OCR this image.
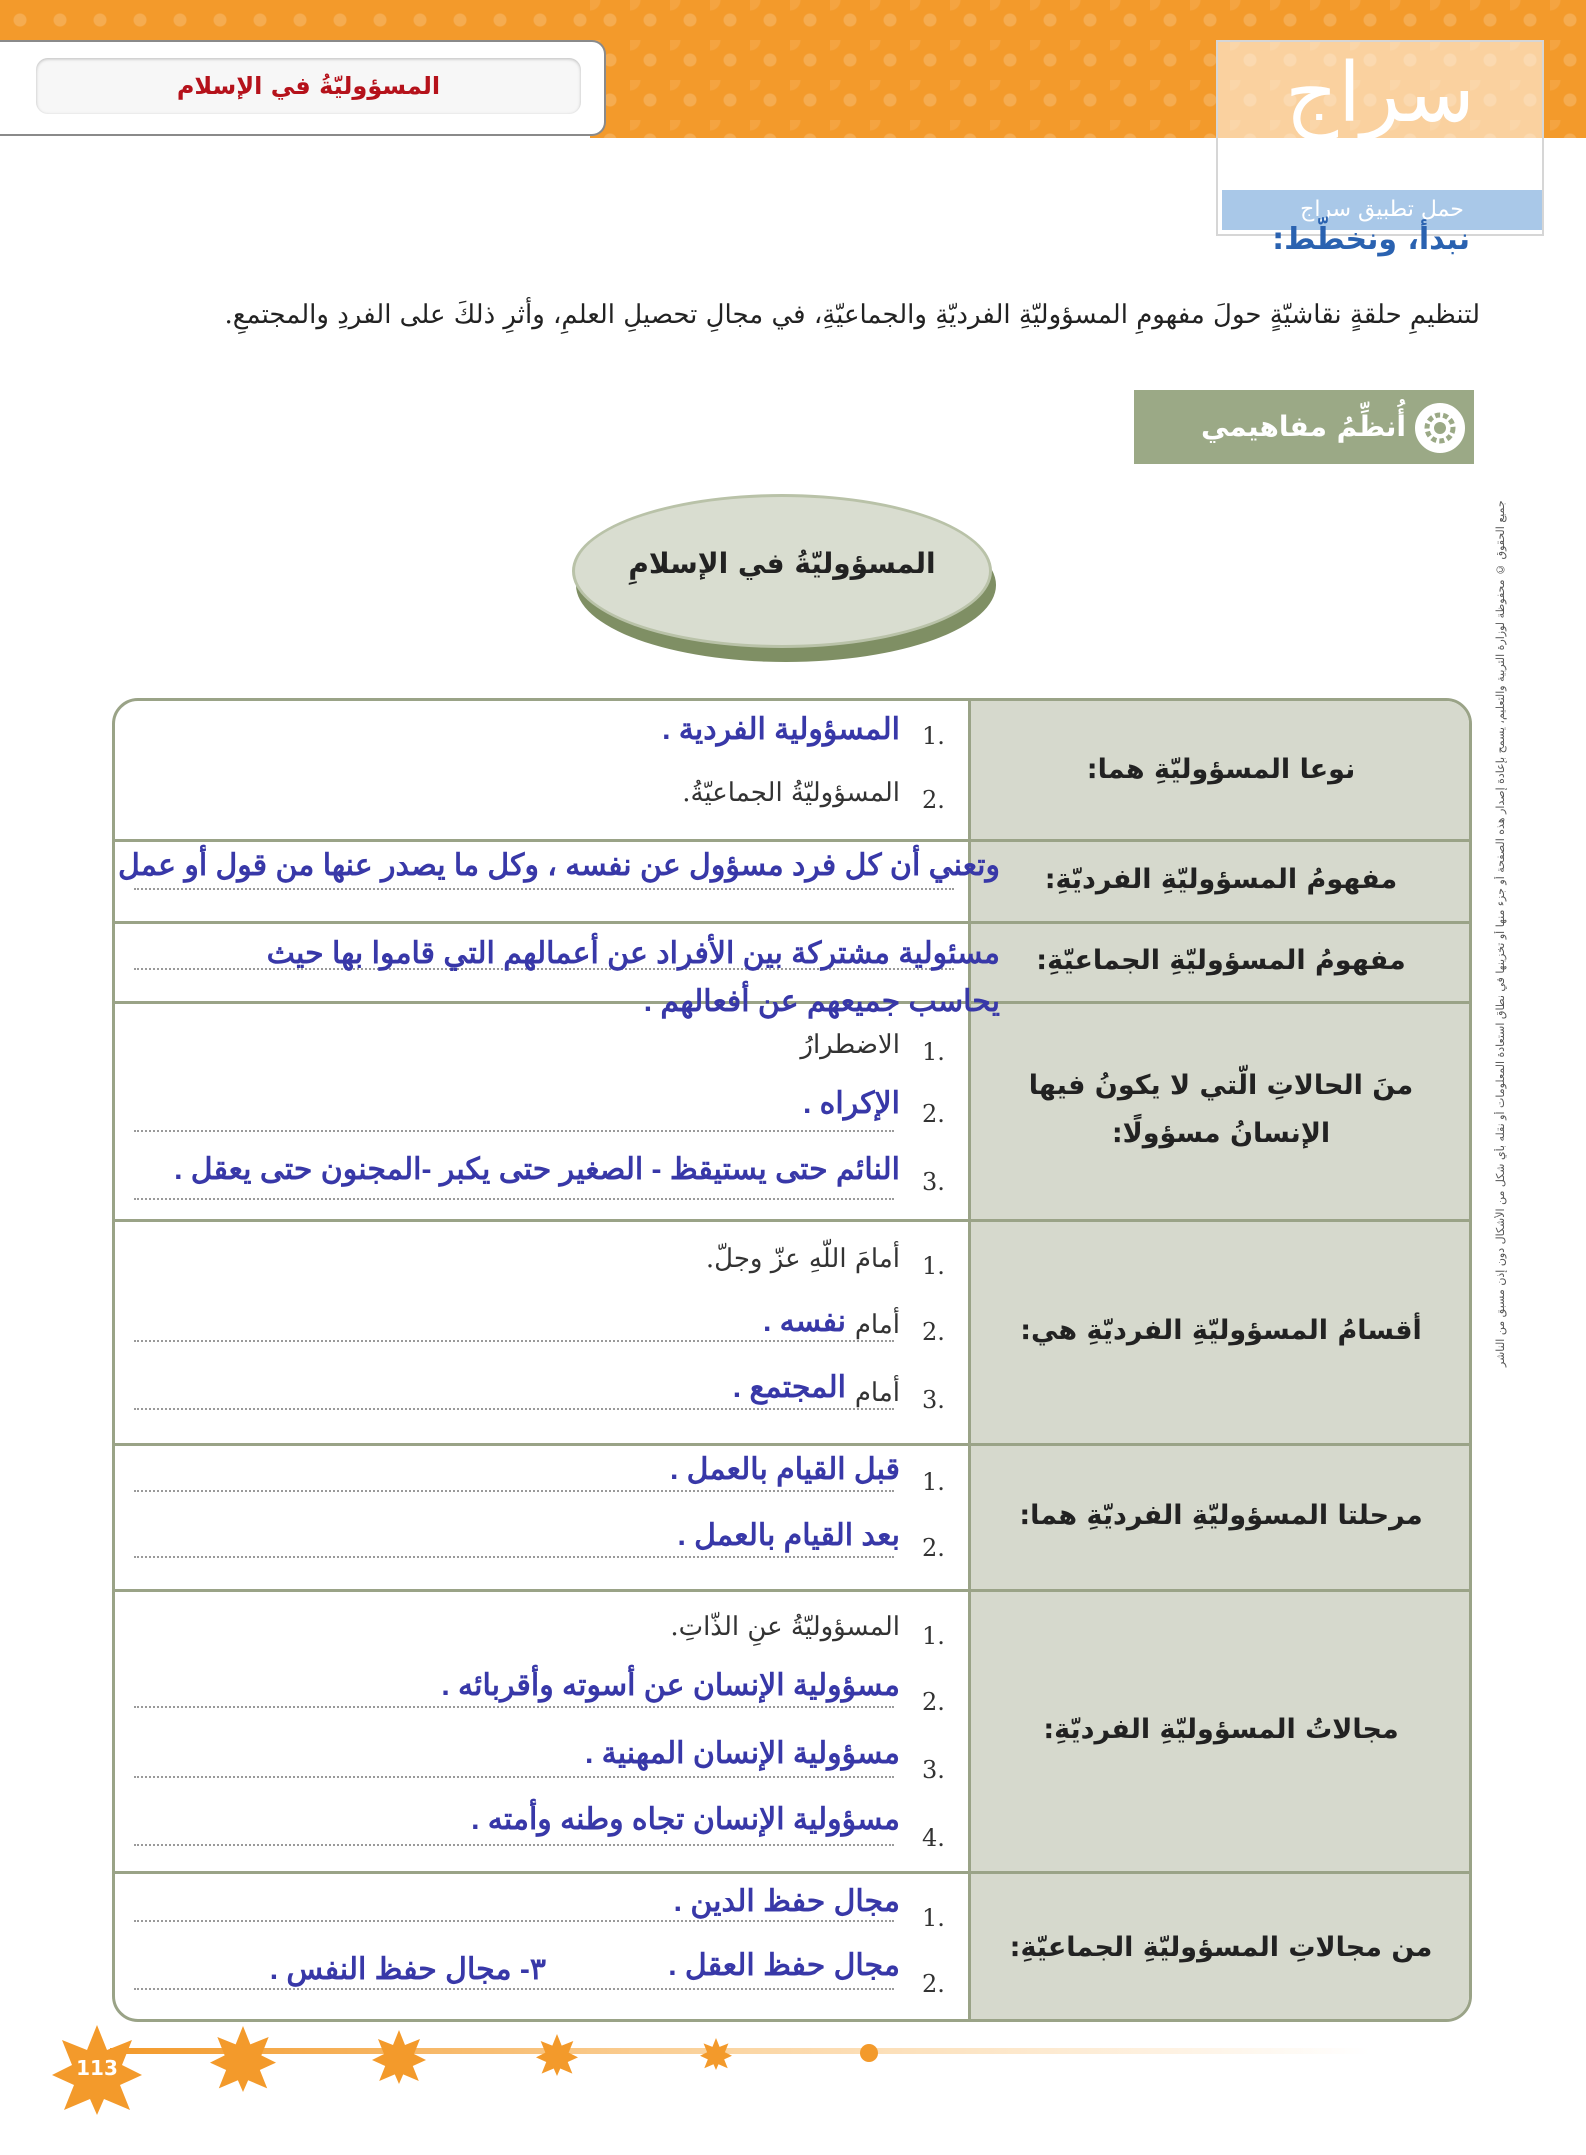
المسؤوليّةُ في الإسلام	سراج
حمل تطبيق سراج
نبدأ، ونخطّط:
لتنظيمِ حلقةٍ نقاشيّةٍ حولَ مفهومِ المسؤوليّةِ الفرديّةِ والجماعيّةِ، في مجالِ تحصيلِ العلمِ، وأثرِ ذلكَ على الفردِ والمجتمعِ.
أُنظِّمُ مفاهيمي
المسؤوليّةُ في الإسلامِ	جميع الحقوق © محفوظة لوزارة التربية والتعليم، يسمح بإعادة إصدار هذه الصفحة أو جزء منها أو تخزينها في نطاق استعادة المعلومات أو نقله بأي شكل من الأشكال دون إذن مسبق من الناشر
نوعا المسؤوليّةِ هما:
مفهومُ المسؤوليّةِ الفرديّةِ:
مفهومُ المسؤوليّةِ الجماعيّةِ:
منَ الحالاتِ الّتي لا يكونُ فيها الإنسانُ مسؤولًا:
أقسامُ المسؤوليّةِ الفرديّةِ هي:
مرحلتا المسؤوليّةِ الفرديّةِ هما:
مجالاتُ المسؤوليّةِ الفرديّةِ:
من مجالاتِ المسؤوليّةِ الجماعيّةِ:
1.
المسؤولية الفردية .
2.
المسؤوليّةُ الجماعيّةُ.
وتعني أن كل فرد مسؤول عن نفسه ، وكل ما يصدر عنها من قول أو عمل
مسئولية مشتركة بين الأفراد عن أعمالهم التي قاموا بها حيث يحاسب جميعهم عن أفعالهم .
1.
الاضطرارُ
2.
الإكراه .
3.
النائم حتى يستيقظ - الصغير حتى يكبر -المجنون حتى يعقل .
1.
أمامَ اللّهِ عزّ وجلّ.
2.
أمام
نفسه .
3.
أمام
المجتمع .
1.
قبل القيام بالعمل .
2.
بعد القيام بالعمل .
1.
المسؤوليّةُ عنِ الذّاتِ.
2.
مسؤولية الإنسان عن أسوته وأقربائه .
3.
مسؤولية الإنسان المهنية .
4.
مسؤولية الإنسان تجاه وطنه وأمته .
1.
مجال حفظ الدين .
2.
مجال حفظ العقل .
٣- مجال حفظ النفس .
113
